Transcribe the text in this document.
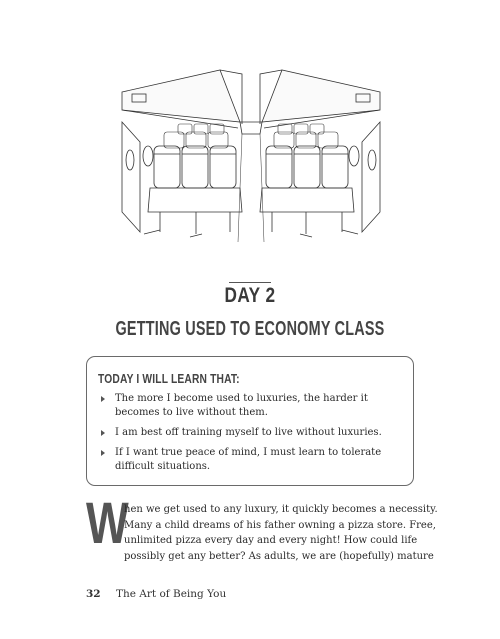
DAY 2
GETTING USED TO ECONOMY CLASS
TODAY I WILL LEARN THAT:
The more I become used to luxuries, the harder it becomes to live without them.
I am best off training myself to live without luxuries.
If I want true peace of mind, I must learn to tolerate difficult situations.
W
hen we get used to any luxury, it quickly becomes a necessity.
Many a child dreams of his father owning a pizza store. Free,
unlimited pizza every day and every night! How could life
possibly get any better? As adults, we are (hopefully) mature
32 The Art of Being You
